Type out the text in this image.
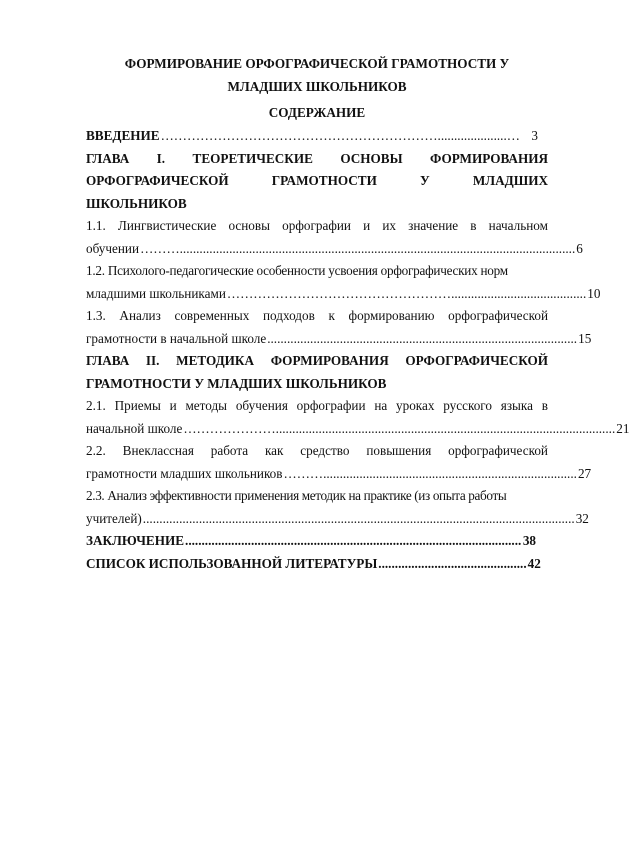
ФОРМИРОВАНИЕ ОРФОГРАФИЧЕСКОЙ ГРАМОТНОСТИ У
МЛАДШИХ ШКОЛЬНИКОВ

СОДЕРЖАНИЕ

ВВЕДЕНИЕ ……………………………………………………….....................… 3
ГЛАВА I. ТЕОРЕТИЧЕСКИЕ ОСНОВЫ ФОРМИРОВАНИЯ
ОРФОГРАФИЧЕСКОЙ ГРАМОТНОСТИ У МЛАДШИХ
ШКОЛЬНИКОВ
1.1. Лингвистические основы орфографии и их значение в начальном
обучении ………........................................................................................................................ 6
1.2. Психолого-педагогические особенности усвоения орфографических норм
младшими школьниками ……………………………………………......................................... 10
1.3. Анализ современных подходов к формированию орфографической
грамотности в начальной школе .............................................................................................. 15
ГЛАВА II. МЕТОДИКА ФОРМИРОВАНИЯ ОРФОГРАФИЧЕСКОЙ
ГРАМОТНОСТИ У МЛАДШИХ ШКОЛЬНИКОВ
2.1. Приемы и методы обучения орфографии на уроках русского языка в
начальной школе …………………....................................................................................................... 21
2.2. Внеклассная работа как средство повышения орфографической
грамотности младших школьников ………............................................................................. 27
2.3. Анализ эффективности применения методик на практике (из опыта работы
учителей) ................................................................................................................................... 32
ЗАКЛЮЧЕНИЕ ...................................................................................................... 38
СПИСОК ИСПОЛЬЗОВАННОЙ ЛИТЕРАТУРЫ ............................................. 42
